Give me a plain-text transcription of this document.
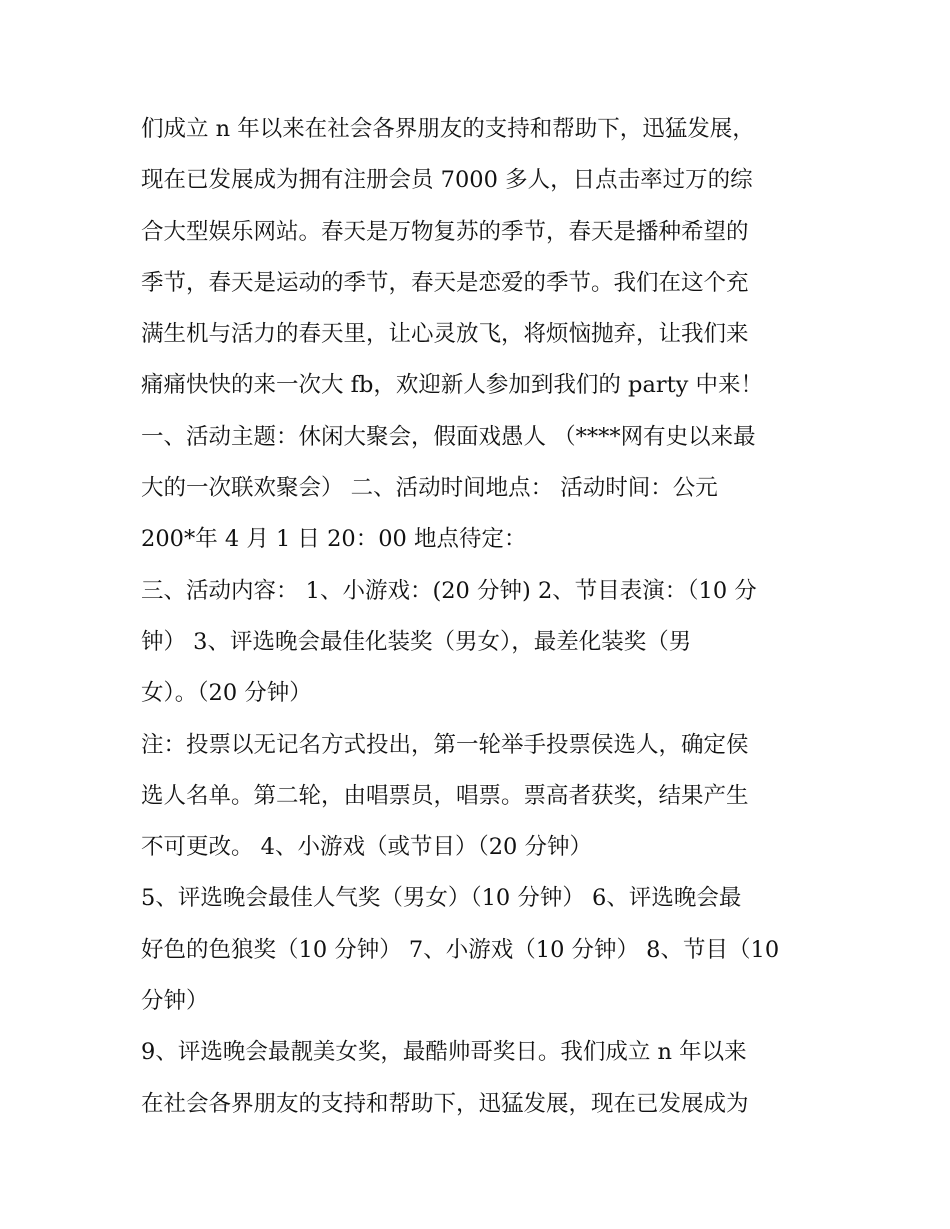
们成立 n 年以来在社会各界朋友的支持和帮助下，迅猛发展，
现在已发展成为拥有注册会员 7000 多人，日点击率过万的综
合大型娱乐网站。春天是万物复苏的季节，春天是播种希望的
季节，春天是运动的季节，春天是恋爱的季节。我们在这个充
满生机与活力的春天里，让心灵放飞，将烦恼抛弃，让我们来
痛痛快快的来一次大 fb，欢迎新人参加到我们的 party 中来！
一、活动主题：休闲大聚会，假面戏愚人 （****网有史以来最
大的一次联欢聚会） 二、活动时间地点： 活动时间：公元
200*年 4 月 1 日 20：00 地点待定：
三、活动内容： 1、小游戏：(20 分钟) 2、节目表演：（10 分
钟） 3、评选晚会最佳化装奖（男女），最差化装奖（男
女）。（20 分钟）
注：投票以无记名方式投出，第一轮举手投票侯选人，确定侯
选人名单。第二轮，由唱票员，唱票。票高者获奖，结果产生
不可更改。 4、小游戏（或节目）（20 分钟）
5、评选晚会最佳人气奖（男女）（10 分钟） 6、评选晚会最
好色的色狼奖（10 分钟） 7、小游戏（10 分钟） 8、节目（10
分钟）
9、评选晚会最靓美女奖，最酷帅哥奖日。我们成立 n 年以来
在社会各界朋友的支持和帮助下，迅猛发展，现在已发展成为
